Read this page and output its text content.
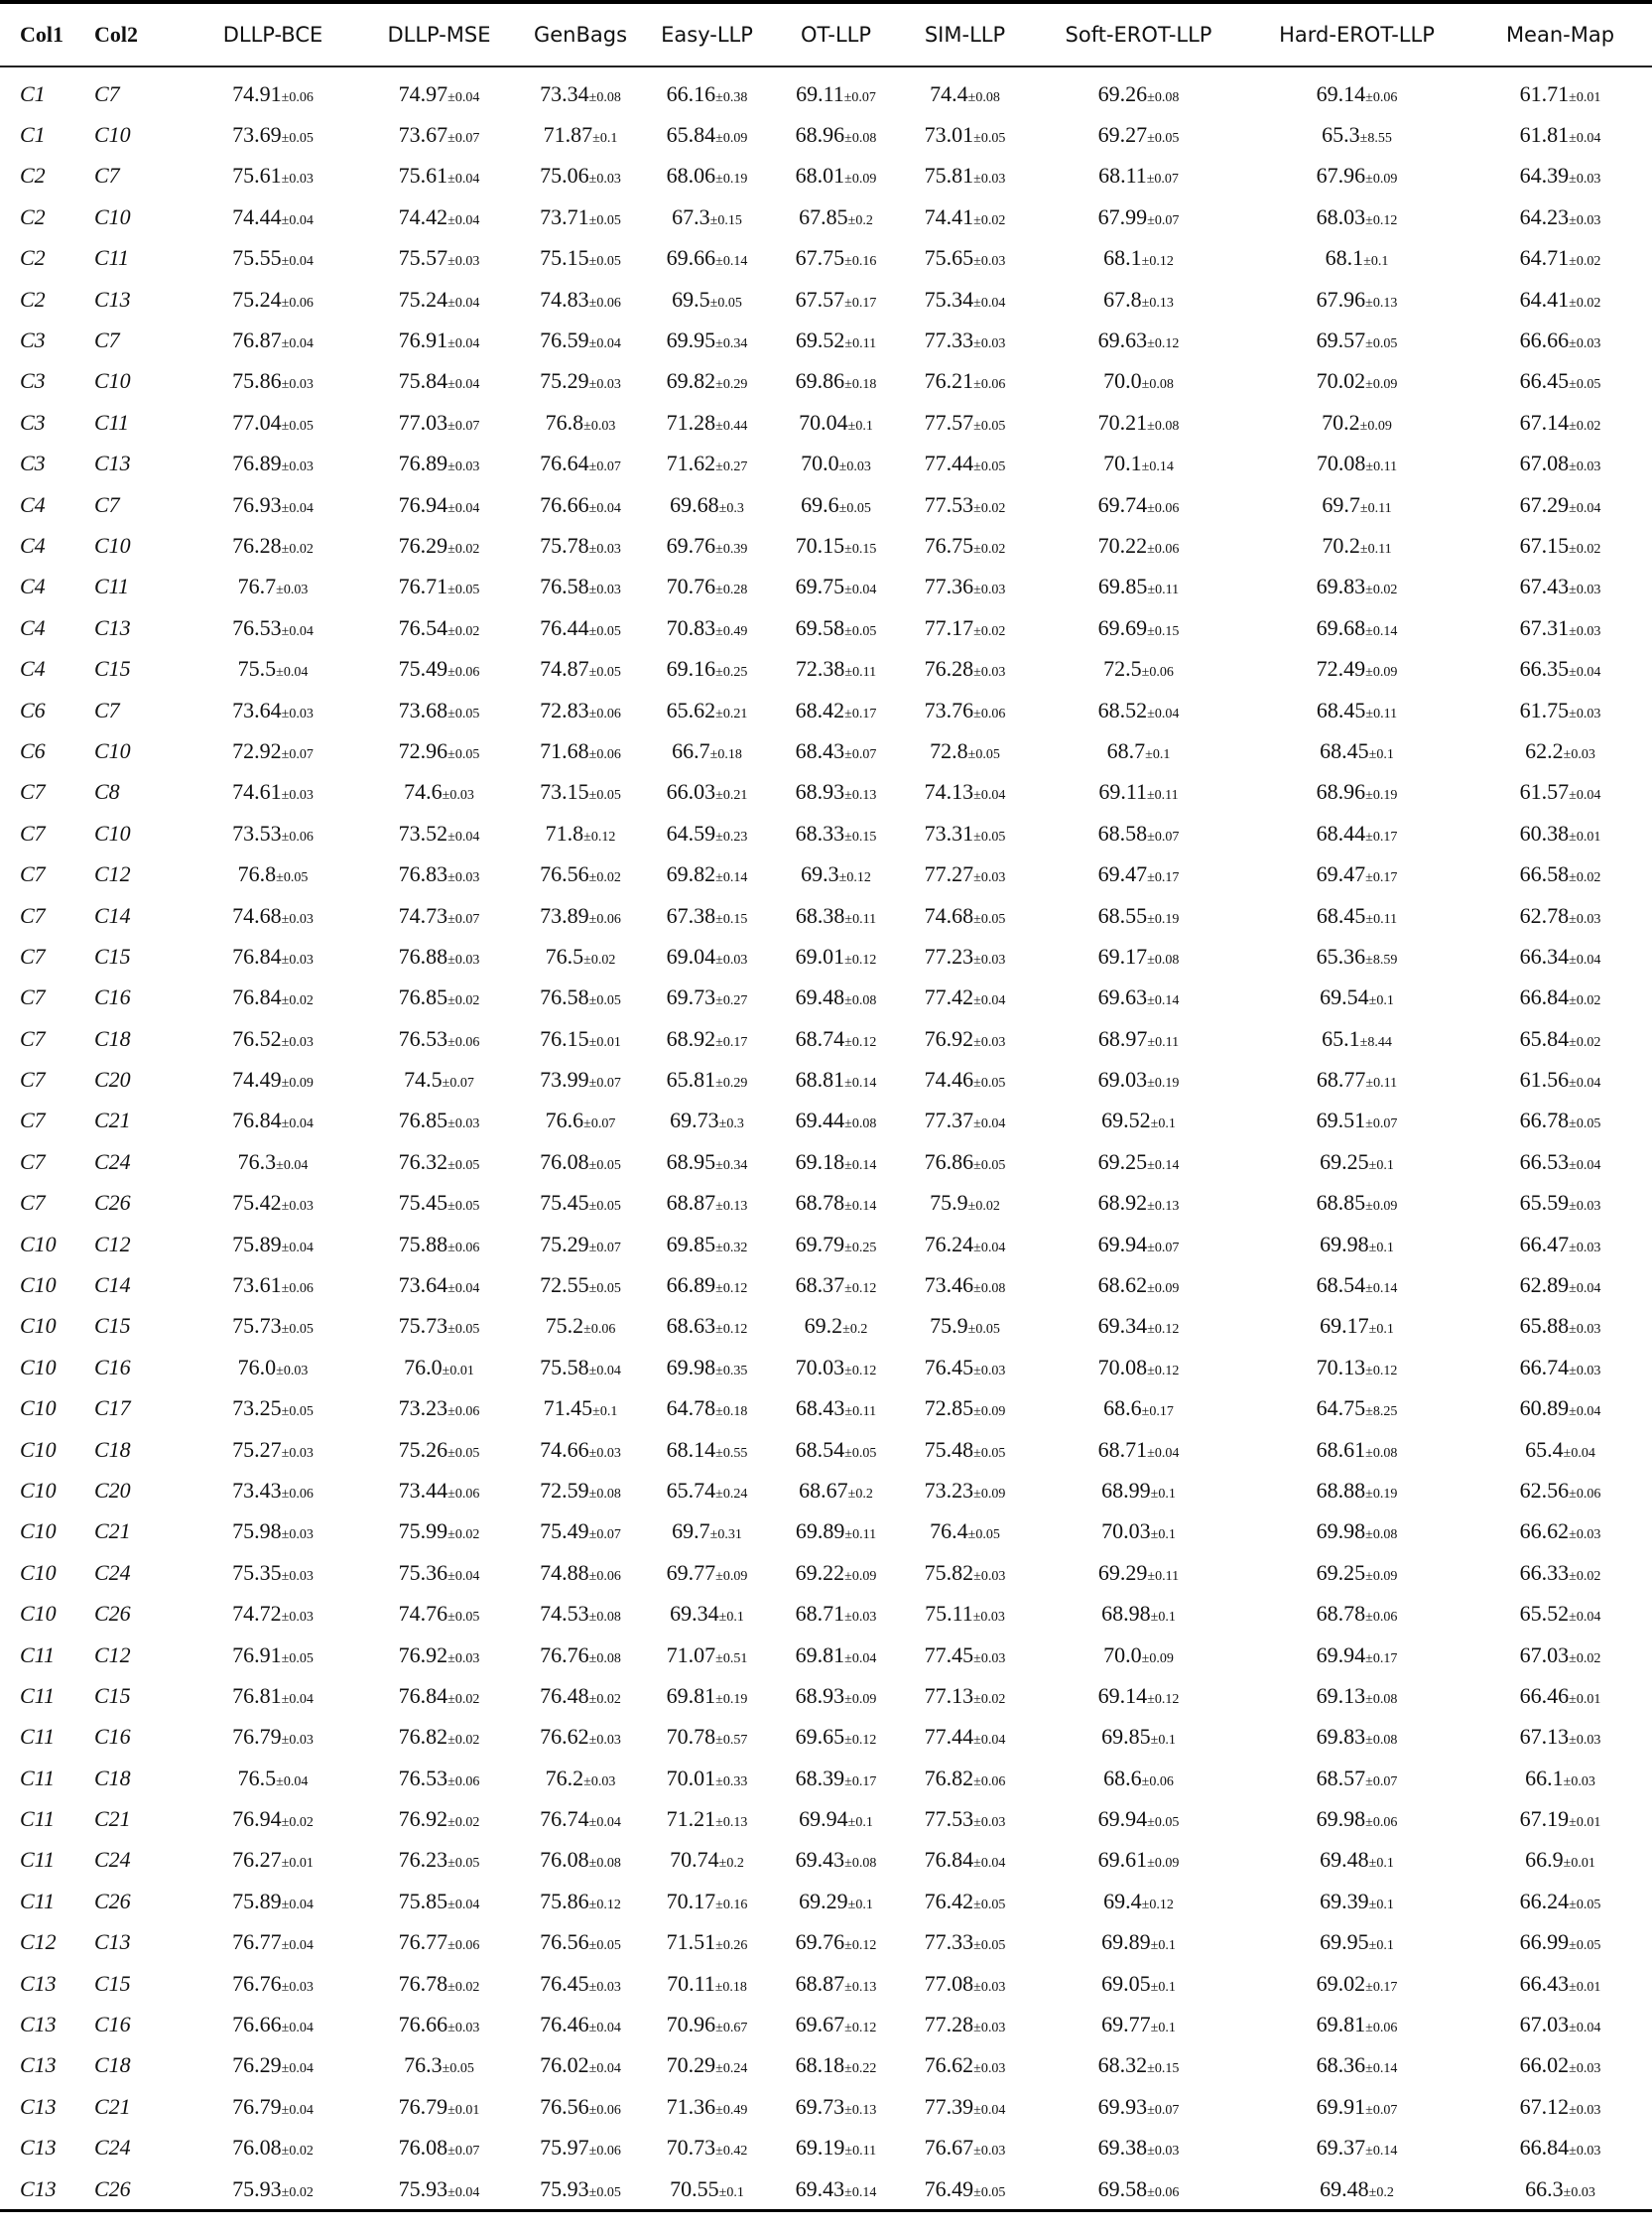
Col1	Col2	DLLP-BCE	DLLP-MSE	GenBags	Easy-LLP	OT-LLP	SIM-LLP	Soft-EROT-LLP	Hard-EROT-LLP	Mean-Map
C1	C7	74.91±0.06	74.97±0.04	73.34±0.08	66.16±0.38	69.11±0.07	74.4±0.08	69.26±0.08	69.14±0.06	61.71±0.01
C1	C10	73.69±0.05	73.67±0.07	71.87±0.1	65.84±0.09	68.96±0.08	73.01±0.05	69.27±0.05	65.3±8.55	61.81±0.04
C2	C7	75.61±0.03	75.61±0.04	75.06±0.03	68.06±0.19	68.01±0.09	75.81±0.03	68.11±0.07	67.96±0.09	64.39±0.03
C2	C10	74.44±0.04	74.42±0.04	73.71±0.05	67.3±0.15	67.85±0.2	74.41±0.02	67.99±0.07	68.03±0.12	64.23±0.03
C2	C11	75.55±0.04	75.57±0.03	75.15±0.05	69.66±0.14	67.75±0.16	75.65±0.03	68.1±0.12	68.1±0.1	64.71±0.02
C2	C13	75.24±0.06	75.24±0.04	74.83±0.06	69.5±0.05	67.57±0.17	75.34±0.04	67.8±0.13	67.96±0.13	64.41±0.02
C3	C7	76.87±0.04	76.91±0.04	76.59±0.04	69.95±0.34	69.52±0.11	77.33±0.03	69.63±0.12	69.57±0.05	66.66±0.03
C3	C10	75.86±0.03	75.84±0.04	75.29±0.03	69.82±0.29	69.86±0.18	76.21±0.06	70.0±0.08	70.02±0.09	66.45±0.05
C3	C11	77.04±0.05	77.03±0.07	76.8±0.03	71.28±0.44	70.04±0.1	77.57±0.05	70.21±0.08	70.2±0.09	67.14±0.02
C3	C13	76.89±0.03	76.89±0.03	76.64±0.07	71.62±0.27	70.0±0.03	77.44±0.05	70.1±0.14	70.08±0.11	67.08±0.03
C4	C7	76.93±0.04	76.94±0.04	76.66±0.04	69.68±0.3	69.6±0.05	77.53±0.02	69.74±0.06	69.7±0.11	67.29±0.04
C4	C10	76.28±0.02	76.29±0.02	75.78±0.03	69.76±0.39	70.15±0.15	76.75±0.02	70.22±0.06	70.2±0.11	67.15±0.02
C4	C11	76.7±0.03	76.71±0.05	76.58±0.03	70.76±0.28	69.75±0.04	77.36±0.03	69.85±0.11	69.83±0.02	67.43±0.03
C4	C13	76.53±0.04	76.54±0.02	76.44±0.05	70.83±0.49	69.58±0.05	77.17±0.02	69.69±0.15	69.68±0.14	67.31±0.03
C4	C15	75.5±0.04	75.49±0.06	74.87±0.05	69.16±0.25	72.38±0.11	76.28±0.03	72.5±0.06	72.49±0.09	66.35±0.04
C6	C7	73.64±0.03	73.68±0.05	72.83±0.06	65.62±0.21	68.42±0.17	73.76±0.06	68.52±0.04	68.45±0.11	61.75±0.03
C6	C10	72.92±0.07	72.96±0.05	71.68±0.06	66.7±0.18	68.43±0.07	72.8±0.05	68.7±0.1	68.45±0.1	62.2±0.03
C7	C8	74.61±0.03	74.6±0.03	73.15±0.05	66.03±0.21	68.93±0.13	74.13±0.04	69.11±0.11	68.96±0.19	61.57±0.04
C7	C10	73.53±0.06	73.52±0.04	71.8±0.12	64.59±0.23	68.33±0.15	73.31±0.05	68.58±0.07	68.44±0.17	60.38±0.01
C7	C12	76.8±0.05	76.83±0.03	76.56±0.02	69.82±0.14	69.3±0.12	77.27±0.03	69.47±0.17	69.47±0.17	66.58±0.02
C7	C14	74.68±0.03	74.73±0.07	73.89±0.06	67.38±0.15	68.38±0.11	74.68±0.05	68.55±0.19	68.45±0.11	62.78±0.03
C7	C15	76.84±0.03	76.88±0.03	76.5±0.02	69.04±0.03	69.01±0.12	77.23±0.03	69.17±0.08	65.36±8.59	66.34±0.04
C7	C16	76.84±0.02	76.85±0.02	76.58±0.05	69.73±0.27	69.48±0.08	77.42±0.04	69.63±0.14	69.54±0.1	66.84±0.02
C7	C18	76.52±0.03	76.53±0.06	76.15±0.01	68.92±0.17	68.74±0.12	76.92±0.03	68.97±0.11	65.1±8.44	65.84±0.02
C7	C20	74.49±0.09	74.5±0.07	73.99±0.07	65.81±0.29	68.81±0.14	74.46±0.05	69.03±0.19	68.77±0.11	61.56±0.04
C7	C21	76.84±0.04	76.85±0.03	76.6±0.07	69.73±0.3	69.44±0.08	77.37±0.04	69.52±0.1	69.51±0.07	66.78±0.05
C7	C24	76.3±0.04	76.32±0.05	76.08±0.05	68.95±0.34	69.18±0.14	76.86±0.05	69.25±0.14	69.25±0.1	66.53±0.04
C7	C26	75.42±0.03	75.45±0.05	75.45±0.05	68.87±0.13	68.78±0.14	75.9±0.02	68.92±0.13	68.85±0.09	65.59±0.03
C10	C12	75.89±0.04	75.88±0.06	75.29±0.07	69.85±0.32	69.79±0.25	76.24±0.04	69.94±0.07	69.98±0.1	66.47±0.03
C10	C14	73.61±0.06	73.64±0.04	72.55±0.05	66.89±0.12	68.37±0.12	73.46±0.08	68.62±0.09	68.54±0.14	62.89±0.04
C10	C15	75.73±0.05	75.73±0.05	75.2±0.06	68.63±0.12	69.2±0.2	75.9±0.05	69.34±0.12	69.17±0.1	65.88±0.03
C10	C16	76.0±0.03	76.0±0.01	75.58±0.04	69.98±0.35	70.03±0.12	76.45±0.03	70.08±0.12	70.13±0.12	66.74±0.03
C10	C17	73.25±0.05	73.23±0.06	71.45±0.1	64.78±0.18	68.43±0.11	72.85±0.09	68.6±0.17	64.75±8.25	60.89±0.04
C10	C18	75.27±0.03	75.26±0.05	74.66±0.03	68.14±0.55	68.54±0.05	75.48±0.05	68.71±0.04	68.61±0.08	65.4±0.04
C10	C20	73.43±0.06	73.44±0.06	72.59±0.08	65.74±0.24	68.67±0.2	73.23±0.09	68.99±0.1	68.88±0.19	62.56±0.06
C10	C21	75.98±0.03	75.99±0.02	75.49±0.07	69.7±0.31	69.89±0.11	76.4±0.05	70.03±0.1	69.98±0.08	66.62±0.03
C10	C24	75.35±0.03	75.36±0.04	74.88±0.06	69.77±0.09	69.22±0.09	75.82±0.03	69.29±0.11	69.25±0.09	66.33±0.02
C10	C26	74.72±0.03	74.76±0.05	74.53±0.08	69.34±0.1	68.71±0.03	75.11±0.03	68.98±0.1	68.78±0.06	65.52±0.04
C11	C12	76.91±0.05	76.92±0.03	76.76±0.08	71.07±0.51	69.81±0.04	77.45±0.03	70.0±0.09	69.94±0.17	67.03±0.02
C11	C15	76.81±0.04	76.84±0.02	76.48±0.02	69.81±0.19	68.93±0.09	77.13±0.02	69.14±0.12	69.13±0.08	66.46±0.01
C11	C16	76.79±0.03	76.82±0.02	76.62±0.03	70.78±0.57	69.65±0.12	77.44±0.04	69.85±0.1	69.83±0.08	67.13±0.03
C11	C18	76.5±0.04	76.53±0.06	76.2±0.03	70.01±0.33	68.39±0.17	76.82±0.06	68.6±0.06	68.57±0.07	66.1±0.03
C11	C21	76.94±0.02	76.92±0.02	76.74±0.04	71.21±0.13	69.94±0.1	77.53±0.03	69.94±0.05	69.98±0.06	67.19±0.01
C11	C24	76.27±0.01	76.23±0.05	76.08±0.08	70.74±0.2	69.43±0.08	76.84±0.04	69.61±0.09	69.48±0.1	66.9±0.01
C11	C26	75.89±0.04	75.85±0.04	75.86±0.12	70.17±0.16	69.29±0.1	76.42±0.05	69.4±0.12	69.39±0.1	66.24±0.05
C12	C13	76.77±0.04	76.77±0.06	76.56±0.05	71.51±0.26	69.76±0.12	77.33±0.05	69.89±0.1	69.95±0.1	66.99±0.05
C13	C15	76.76±0.03	76.78±0.02	76.45±0.03	70.11±0.18	68.87±0.13	77.08±0.03	69.05±0.1	69.02±0.17	66.43±0.01
C13	C16	76.66±0.04	76.66±0.03	76.46±0.04	70.96±0.67	69.67±0.12	77.28±0.03	69.77±0.1	69.81±0.06	67.03±0.04
C13	C18	76.29±0.04	76.3±0.05	76.02±0.04	70.29±0.24	68.18±0.22	76.62±0.03	68.32±0.15	68.36±0.14	66.02±0.03
C13	C21	76.79±0.04	76.79±0.01	76.56±0.06	71.36±0.49	69.73±0.13	77.39±0.04	69.93±0.07	69.91±0.07	67.12±0.03
C13	C24	76.08±0.02	76.08±0.07	75.97±0.06	70.73±0.42	69.19±0.11	76.67±0.03	69.38±0.03	69.37±0.14	66.84±0.03
C13	C26	75.93±0.02	75.93±0.04	75.93±0.05	70.55±0.1	69.43±0.14	76.49±0.05	69.58±0.06	69.48±0.2	66.3±0.03
